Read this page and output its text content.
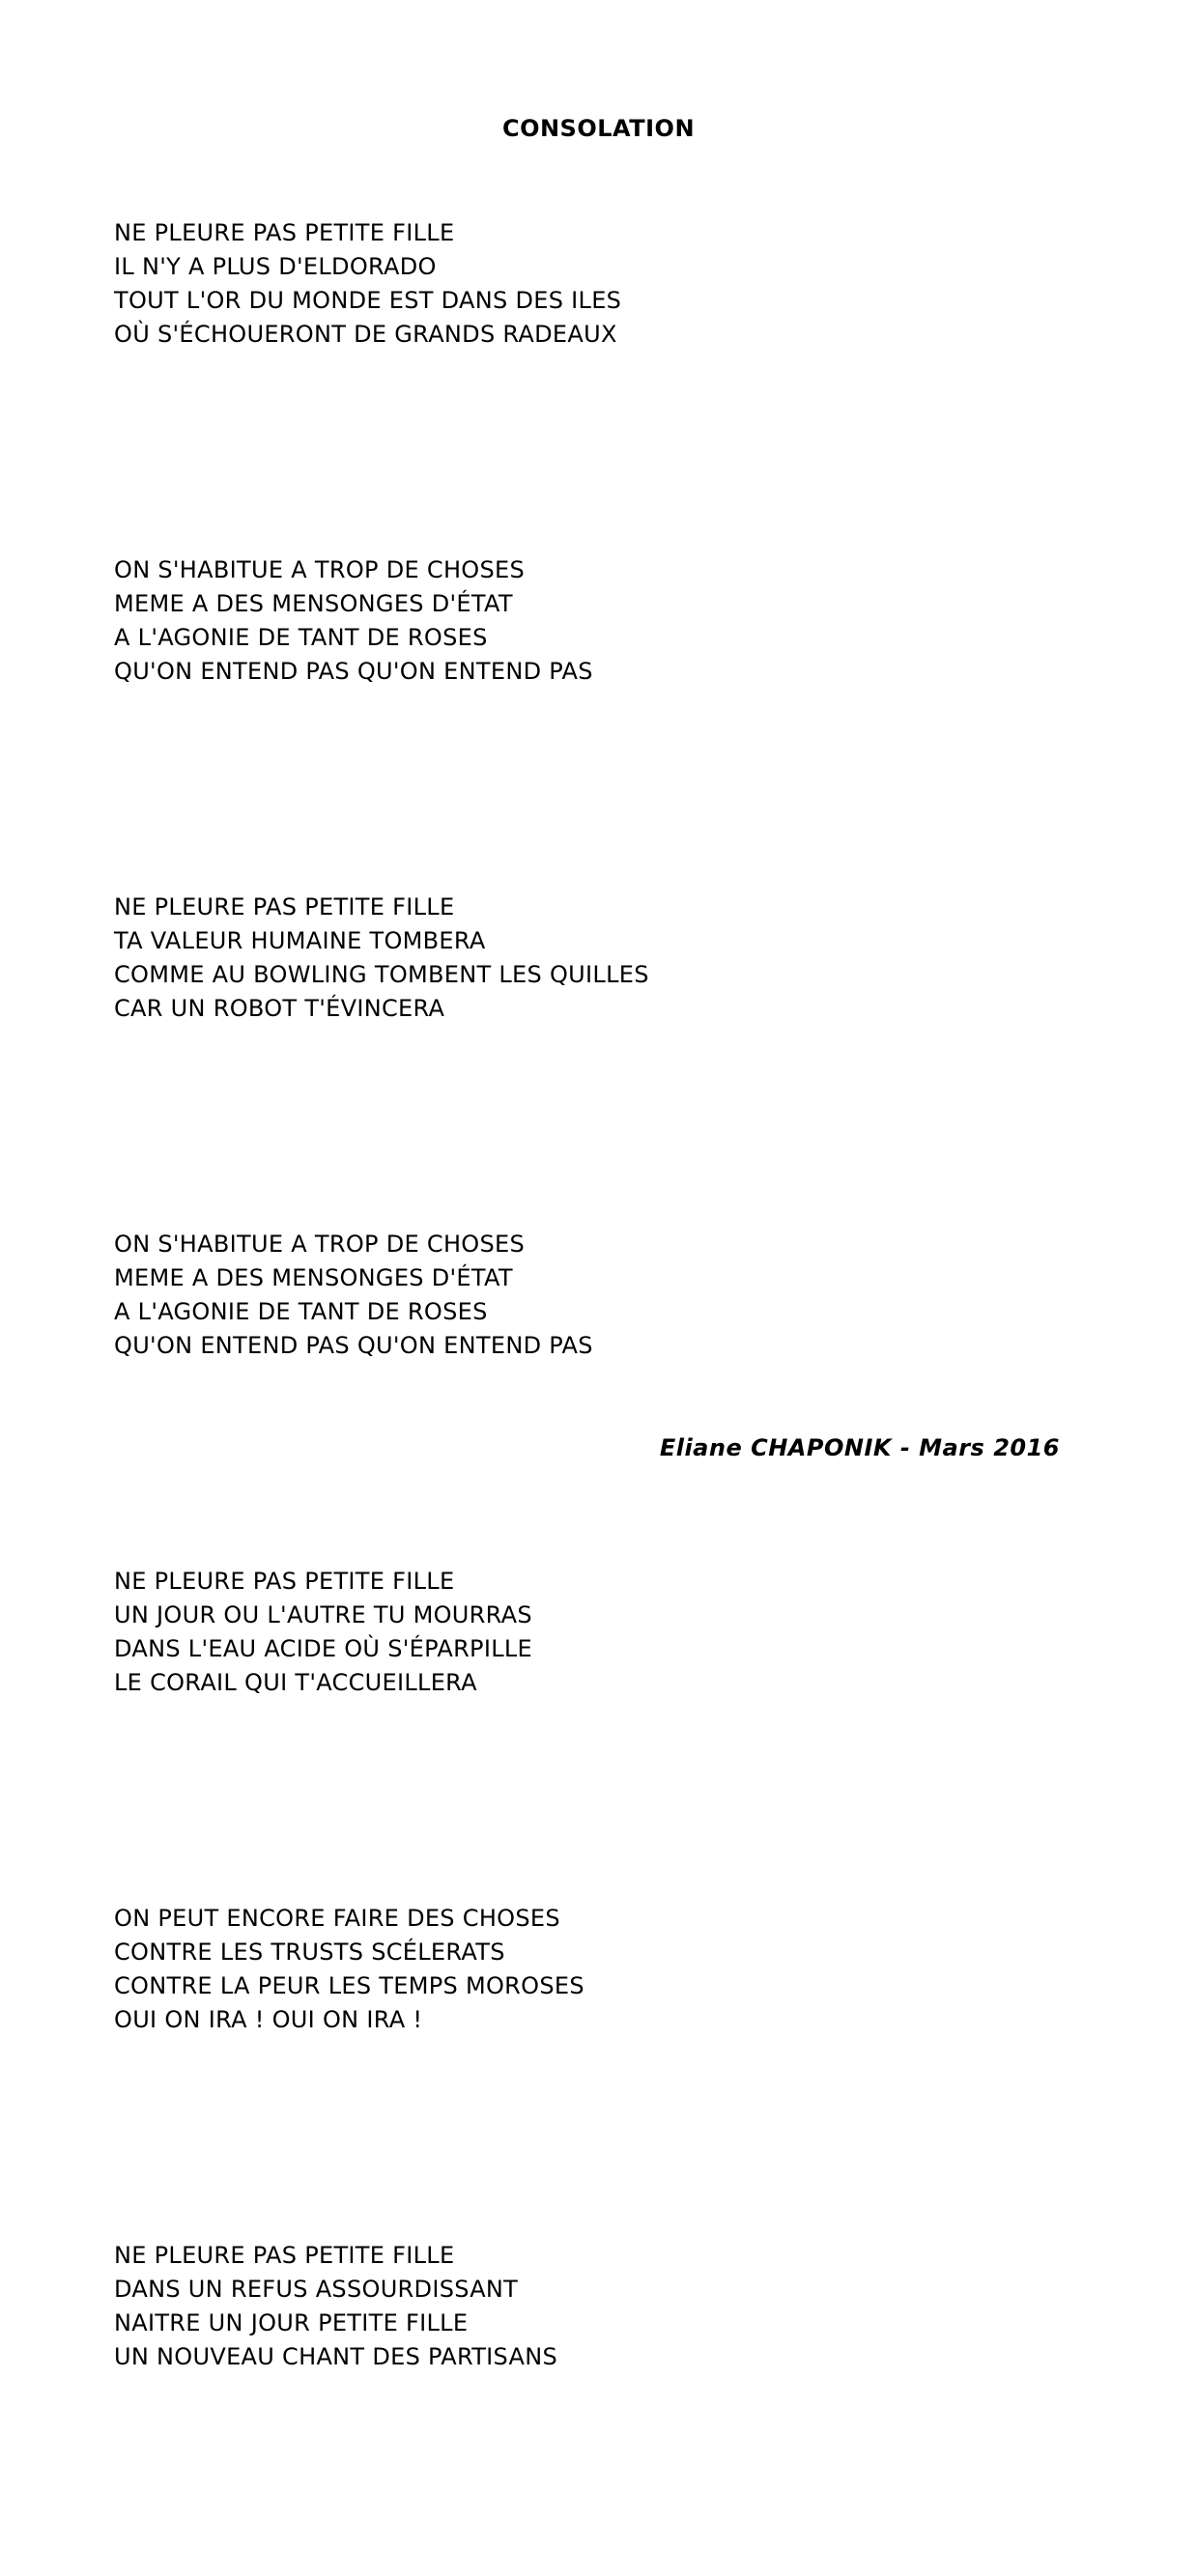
CONSOLATION
NE PLEURE PAS PETITE FILLE
IL N'Y A PLUS D'ELDORADO
TOUT L'OR DU MONDE EST DANS DES ILES
OÙ S'ÉCHOUERONT DE GRANDS RADEAUX
ON S'HABITUE A TROP DE CHOSES
MEME A DES MENSONGES D'ÉTAT
A L'AGONIE DE TANT DE ROSES
QU'ON ENTEND PAS QU'ON ENTEND PAS
NE PLEURE PAS PETITE FILLE
TA VALEUR HUMAINE TOMBERA
COMME AU BOWLING TOMBENT LES QUILLES
CAR UN ROBOT T'ÉVINCERA
ON S'HABITUE A TROP DE CHOSES
MEME A DES MENSONGES D'ÉTAT
A L'AGONIE DE TANT DE ROSES
QU'ON ENTEND PAS QU'ON ENTEND PAS
NE PLEURE PAS PETITE FILLE
UN JOUR OU L'AUTRE TU MOURRAS
DANS L'EAU ACIDE OÙ S'ÉPARPILLE
LE CORAIL QUI T'ACCUEILLERA
ON PEUT ENCORE FAIRE DES CHOSES
CONTRE LES TRUSTS SCÉLERATS
CONTRE LA PEUR LES TEMPS MOROSES
OUI ON IRA ! OUI ON IRA !
NE PLEURE PAS PETITE FILLE
DANS UN REFUS ASSOURDISSANT
NAITRE UN JOUR PETITE FILLE
UN NOUVEAU CHANT DES PARTISANS
Eliane CHAPONIK - Mars 2016
